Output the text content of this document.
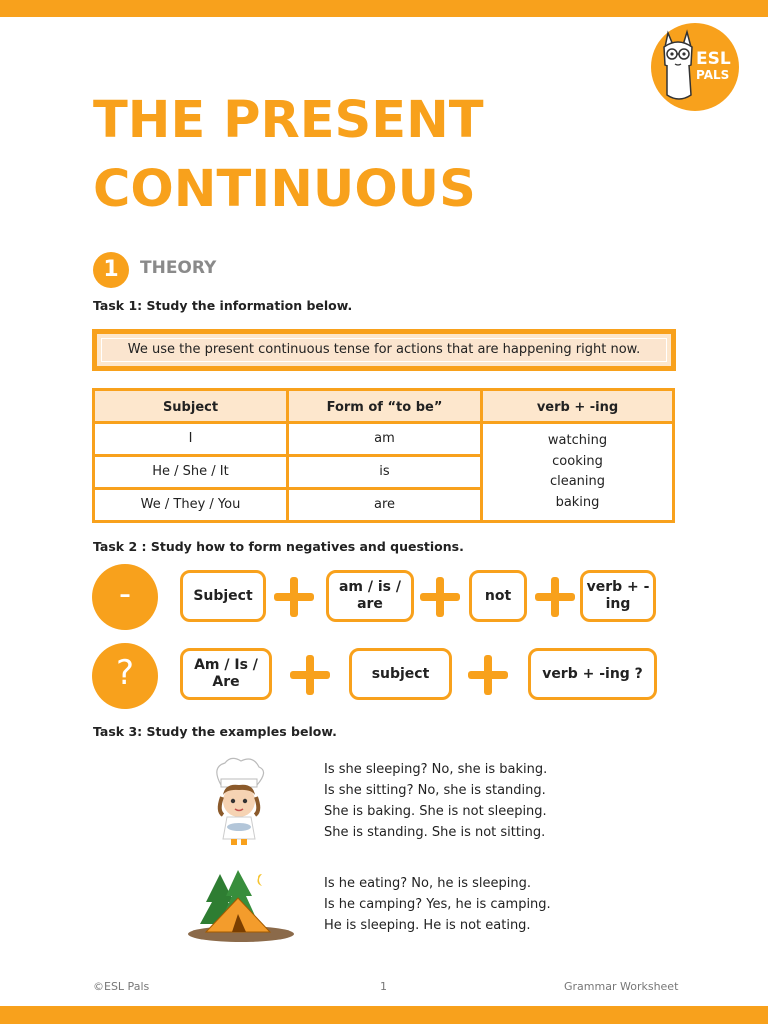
ESL
PALS
THE PRESENT
CONTINUOUS
1	THEORY
Task 1: Study the information below.
We use the present continuous tense for actions that are happening right now.
Subject	Form of “to be”	verb + -ing
I	am
He / She / It	is
We / They / You	are
watching
cooking
cleaning
baking
Task 2 : Study how to form negatives and questions.
-	Subject
am / is / are
not
verb + -ing
?	Am / Is / Are
subject	verb + -ing ?
Task 3: Study the examples below.
Is she sleeping? No, she is baking.
Is she sitting? No, she is standing.
She is baking. She is not sleeping.
She is standing. She is not sitting.
Is he eating? No, he is sleeping.
Is he camping? Yes, he is camping.
He is sleeping. He is not eating.
©ESL Pals	1	Grammar Worksheet
